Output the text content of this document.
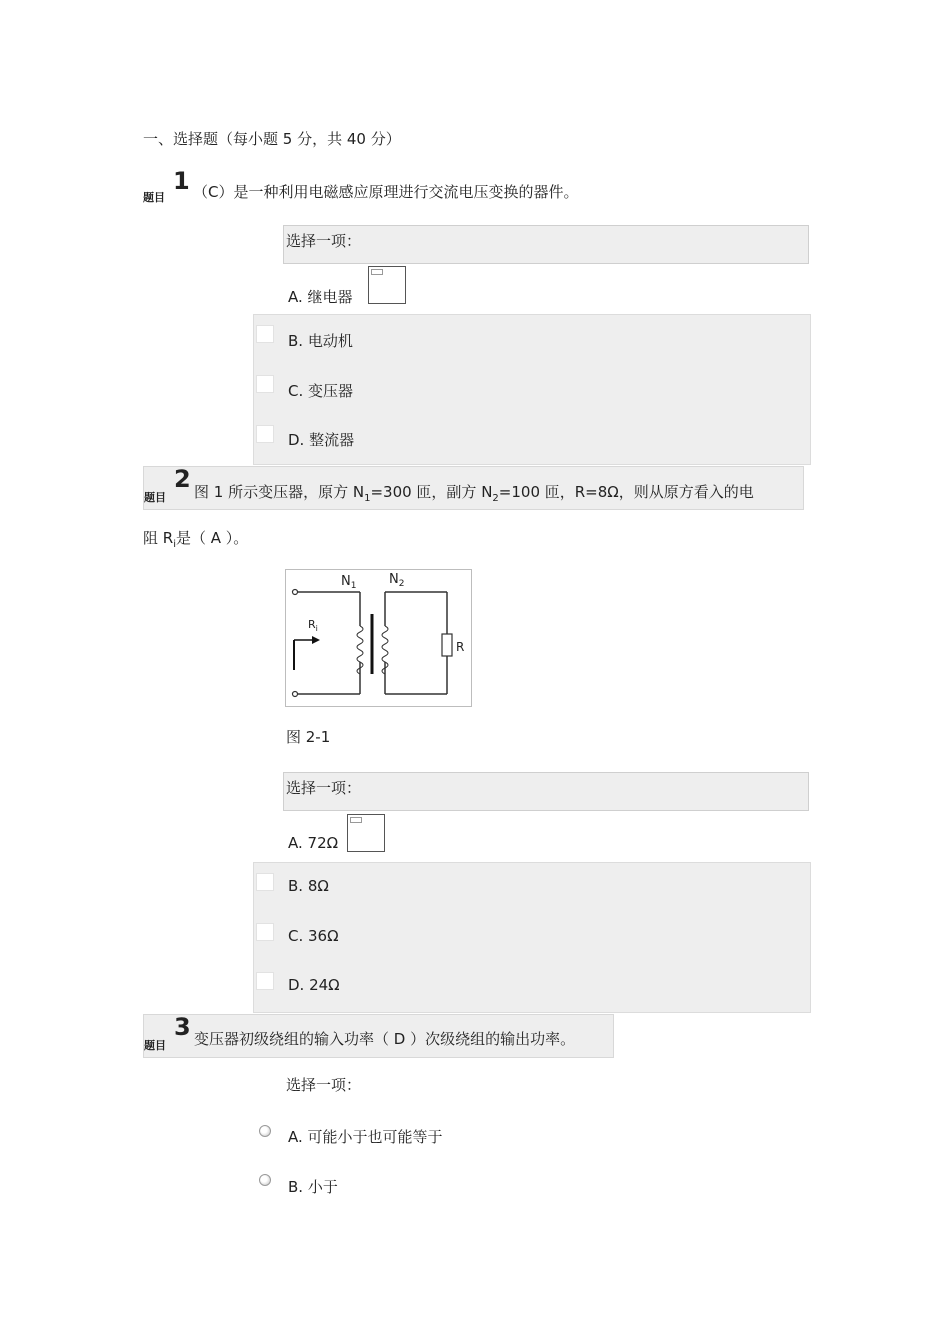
一、选择题（每小题 5 分，共 40 分）
题目
1 （C）是一种利用电磁感应原理进行交流电压变换的器件。
选择一项：
A. 继电器
B. 电动机
C. 变压器
D. 整流器
题目
2 图 1 所示变压器，原方 $N_1=300$ 匝，副方 $N_2=100$ 匝，R=8Ω，则从原方看入的电
阻 $R_i$是（ A ）。
$N_1$	$N_2$
$R_i$
R
图 2-1
选择一项：
A. 72Ω
B. 8Ω
C. 36Ω
D. 24Ω
题目
3 变压器初级绕组的输入功率（ D ）次级绕组的输出功率。
选择一项：
A. 可能小于也可能等于
B. 小于
